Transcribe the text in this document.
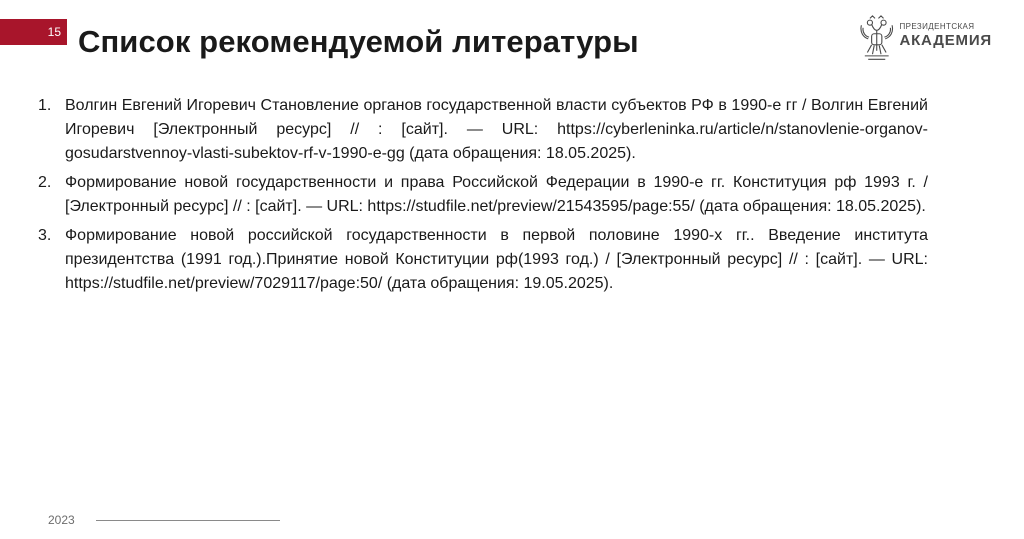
15 Список рекомендуемой литературы	ПРЕЗИДЕНТСКАЯ
АКАДЕМИЯ
1. Волгин Евгений Игоревич Становление органов государственной власти субъектов РФ в 1990-е гг / Волгин Евгений Игоревич [Электронный ресурс] // : [сайт]. — URL: https://cyberleninka.ru/article/n/stanovlenie-organov-gosudarstvennoy-vlasti-subektov-rf-v-1990-e-gg (дата обращения: 18.05.2025).
2. Формирование новой государственности и права Российской Федерации в 1990-е гг. Конституция рф 1993 г. / [Электронный ресурс] // : [сайт]. — URL: https://studfile.net/preview/21543595/page:55/ (дата обращения: 18.05.2025).
3. Формирование новой российской государственности в первой половине 1990-х гг.. Введение института президентства (1991 год.).Принятие новой Конституции рф(1993 год.) / [Электронный ресурс] // : [сайт]. — URL: https://studfile.net/preview/7029117/page:50/ (дата обращения: 19.05.2025).
2023
